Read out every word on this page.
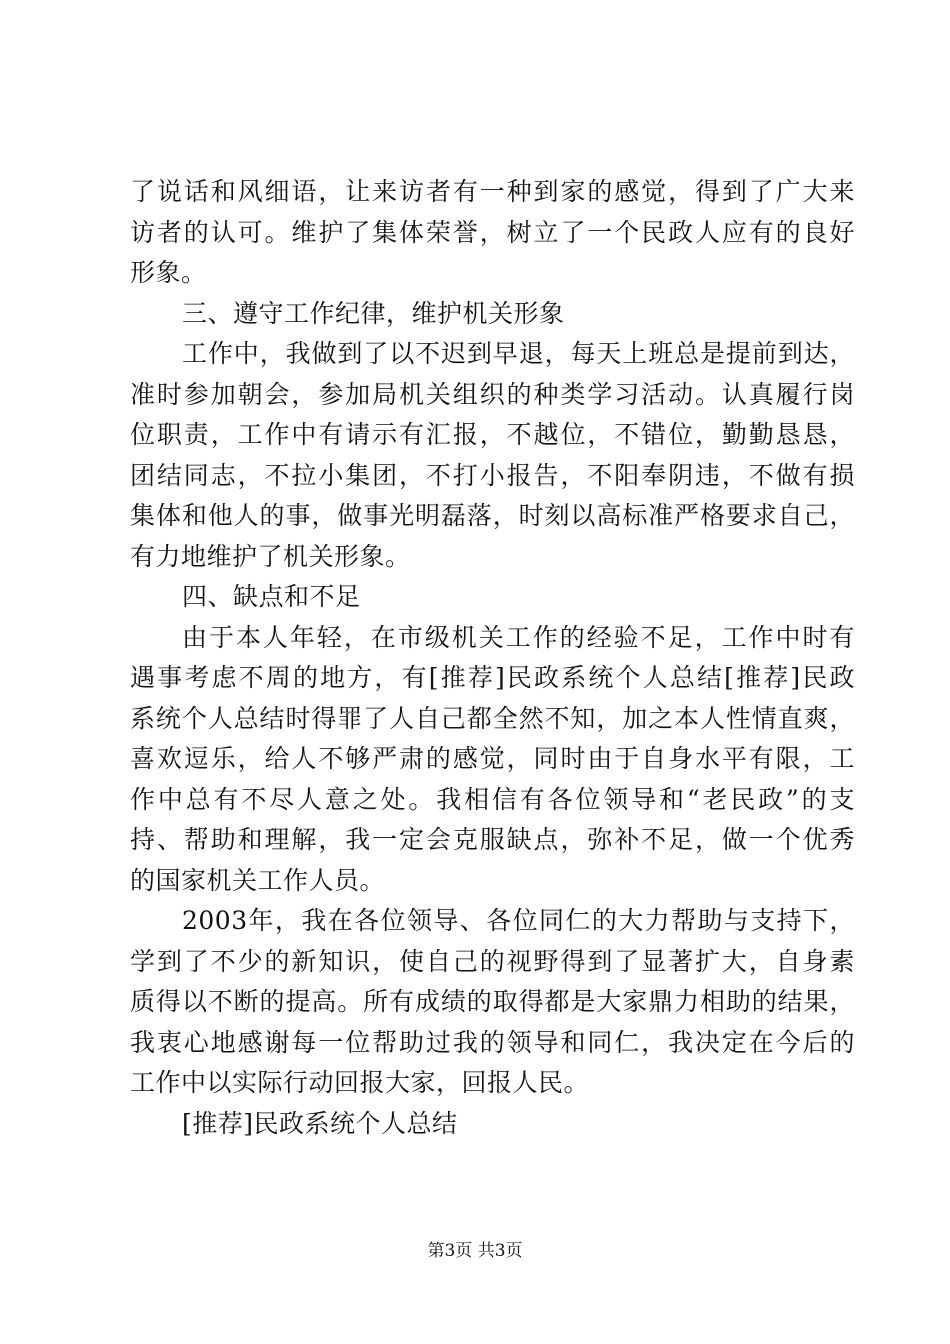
了说话和风细语，让来访者有一种到家的感觉，得到了广大来
访者的认可。维护了集体荣誉，树立了一个民政人应有的良好
形象。
三、遵守工作纪律，维护机关形象
工作中，我做到了以不迟到早退，每天上班总是提前到达，
准时参加朝会，参加局机关组织的种类学习活动。认真履行岗
位职责，工作中有请示有汇报，不越位，不错位，勤勤恳恳，
团结同志，不拉小集团，不打小报告，不阳奉阴违，不做有损
集体和他人的事，做事光明磊落，时刻以高标准严格要求自己，
有力地维护了机关形象。
四、缺点和不足
由于本人年轻，在市级机关工作的经验不足，工作中时有
遇事考虑不周的地方，有[推荐]民政系统个人总结[推荐]民政
系统个人总结时得罪了人自己都全然不知，加之本人性情直爽，
喜欢逗乐，给人不够严肃的感觉，同时由于自身水平有限，工
作中总有不尽人意之处。我相信有各位领导和“老民政”的支
持、帮助和理解，我一定会克服缺点，弥补不足，做一个优秀
的国家机关工作人员。
2003年，我在各位领导、各位同仁的大力帮助与支持下，
学到了不少的新知识，使自己的视野得到了显著扩大，自身素
质得以不断的提高。所有成绩的取得都是大家鼎力相助的结果，
我衷心地感谢每一位帮助过我的领导和同仁，我决定在今后的
工作中以实际行动回报大家，回报人民。
[推荐]民政系统个人总结
第3页 共3页
